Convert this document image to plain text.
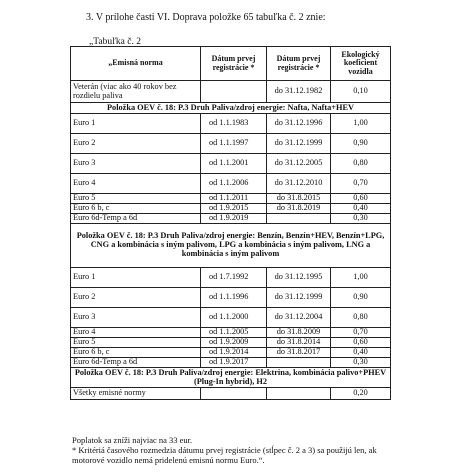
3. V prílohe časti VI. Doprava položke 65 tabuľka č. 2 znie:
„Tabuľka č. 2
„Emisná norma	Dátum prvej registrácie *	Dátum prvej registrácie *	Ekologický koeficient vozidla
Veterán (viac ako 40 rokov bez rozdielu paliva		do 31.12.1982	0,10
Položka OEV č. 18: P.3 Druh Paliva/zdroj energie: Nafta, Nafta+HEV			
Euro 1	od 1.1.1983	do 31.12.1996	1,00
Euro 2	od 1.1.1997	do 31.12.1999	0,90
Euro 3	od 1.1.2001	do 31.12.2005	0,80
Euro 4	od 1.1.2006	do 31.12.2010	0,70
Euro 5	od 1.1.2011	do 31.8.2015	0,60
Euro 6 b, c	od 1.9.2015	do 31.8.2019	0,40
Euro 6d-Temp a 6d	od 1.9.2019		0,30
Položka OEV č. 18: P.3 Druh Paliva/zdroj energie: Benzín, Benzín+HEV, Benzín+LPG, CNG a kombinácia s iným palivom, LPG a kombinácia s iným palivom, LNG a kombinácia s iným palivom			
Euro 1	od 1.7.1992	do 31.12.1995	1,00
Euro 2	od 1.1.1996	do 31.12.1999	0,90
Euro 3	od 1.1.2000	do 31.12.2004	0,80
Euro 4	od 1.1.2005	do 31.8.2009	0,70
Euro 5	od 1.9.2009	do 31.8.2014	0,60
Euro 6 b, c	od 1.9.2014	do 31.8.2017	0,40
Euro 6d-Temp a 6d	od 1.9.2017		0,30
Položka OEV č. 18: P.3 Druh Paliva/zdroj energie: Elektrina, kombinácia palivo+PHEV (Plug-In hybrid), H2			
Všetky emisné normy			0,20

Poplatok sa zníži najviac na 33 eur.

* Kritériá časového rozmedzia dátumu prvej registrácie (stĺpec č. 2 a 3) sa použijú len, ak motorové vozidlo nemá pridelenú emisnú normu Euro.“.
